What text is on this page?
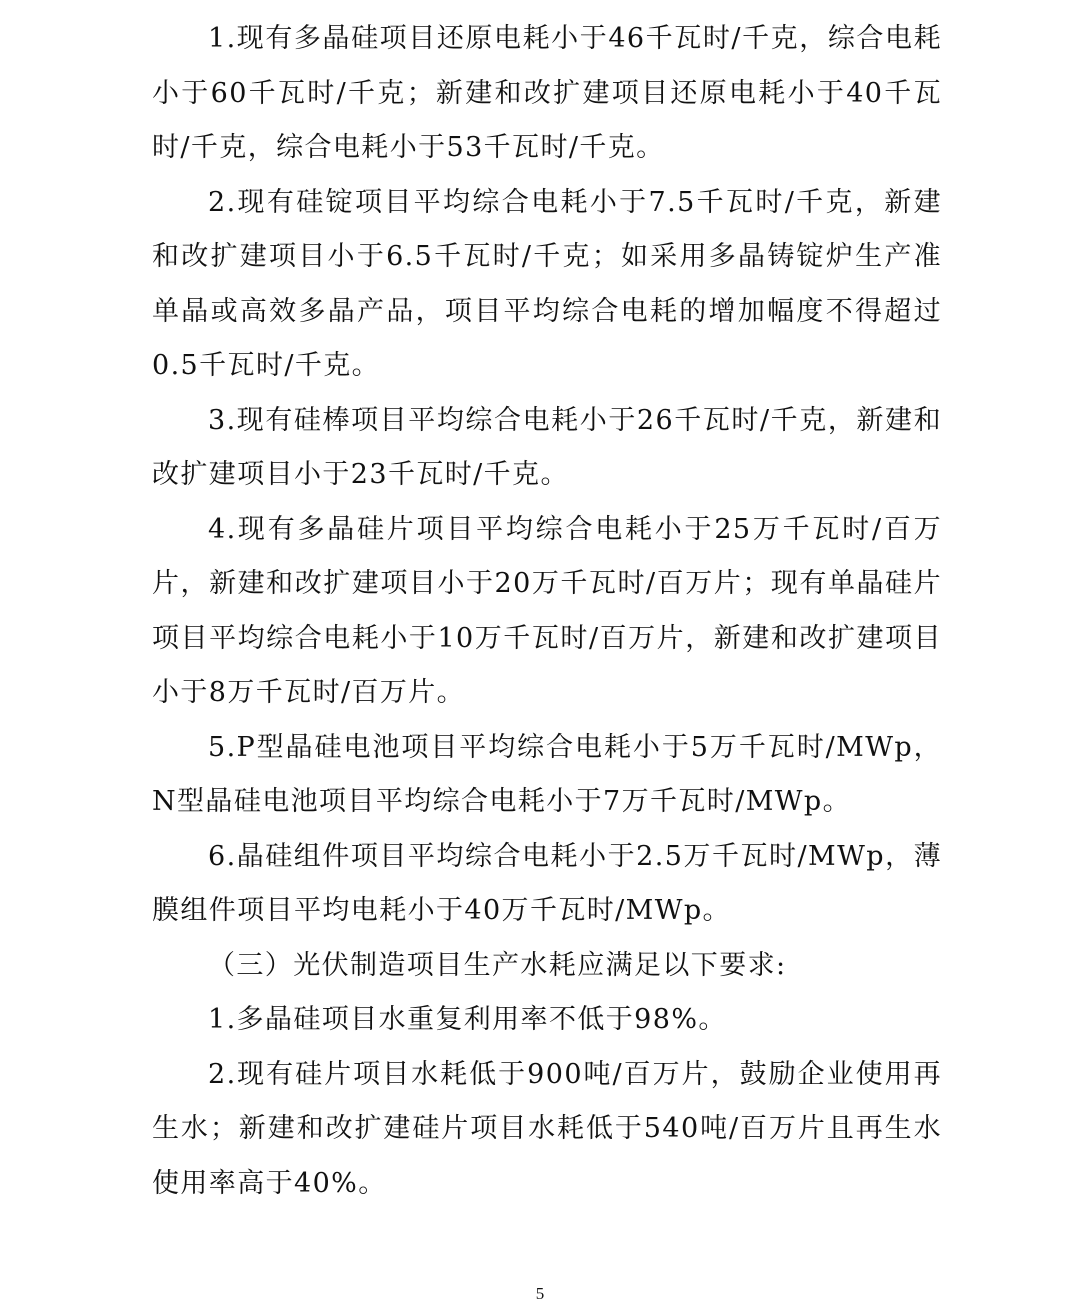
1.现有多晶硅项目还原电耗小于46千瓦时/千克，综合电耗小于60千瓦时/千克；新建和改扩建项目还原电耗小于40千瓦时/千克，综合电耗小于53千瓦时/千克。

2.现有硅锭项目平均综合电耗小于7.5千瓦时/千克，新建和改扩建项目小于6.5千瓦时/千克；如采用多晶铸锭炉生产准单晶或高效多晶产品，项目平均综合电耗的增加幅度不得超过0.5千瓦时/千克。

3.现有硅棒项目平均综合电耗小于26千瓦时/千克，新建和改扩建项目小于23千瓦时/千克。

4.现有多晶硅片项目平均综合电耗小于25万千瓦时/百万片，新建和改扩建项目小于20万千瓦时/百万片；现有单晶硅片项目平均综合电耗小于10万千瓦时/百万片，新建和改扩建项目小于8万千瓦时/百万片。

5.P型晶硅电池项目平均综合电耗小于5万千瓦时/MWp，N型晶硅电池项目平均综合电耗小于7万千瓦时/MWp。

6.晶硅组件项目平均综合电耗小于2.5万千瓦时/MWp，薄膜组件项目平均电耗小于40万千瓦时/MWp。

（三）光伏制造项目生产水耗应满足以下要求:

1.多晶硅项目水重复利用率不低于98%。

2.现有硅片项目水耗低于900吨/百万片，鼓励企业使用再生水；新建和改扩建硅片项目水耗低于540吨/百万片且再生水使用率高于40%。

5
